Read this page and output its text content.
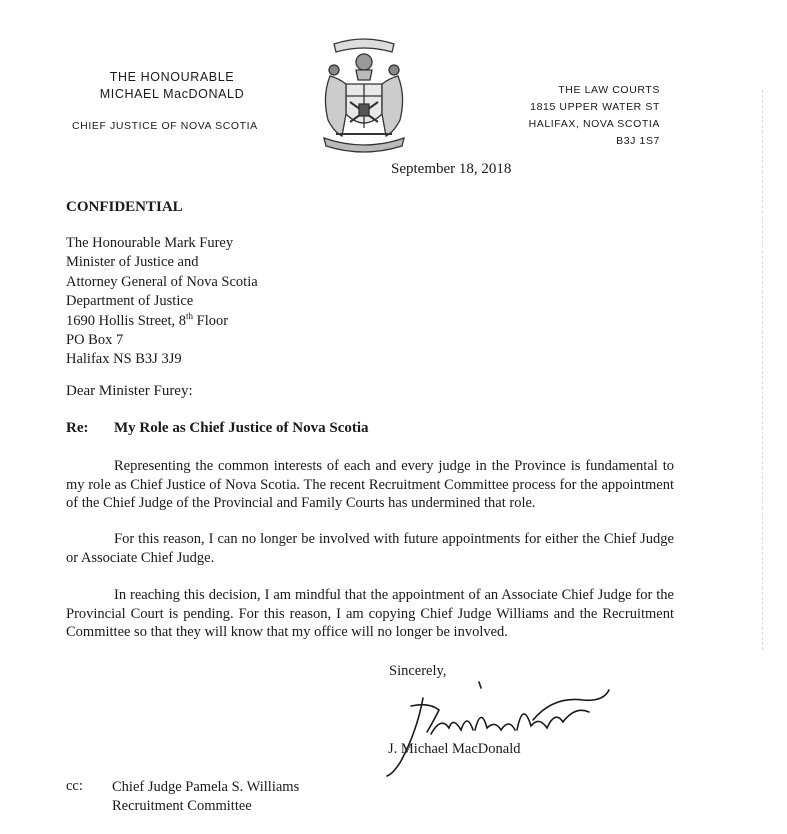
THE HONOURABLE
MICHAEL MacDONALD
CHIEF JUSTICE OF NOVA SCOTIA
THE LAW COURTS
1815 UPPER WATER ST
HALIFAX, NOVA SCOTIA
B3J 1S7
September 18, 2018
CONFIDENTIAL
The Honourable Mark Furey
Minister of Justice and
Attorney General of Nova Scotia
Department of Justice
1690 Hollis Street, 8th Floor
PO Box 7
Halifax NS B3J 3J9
Dear Minister Furey:
Re: My Role as Chief Justice of Nova Scotia

Representing the common interests of each and every judge in the Province is fundamental to my role as Chief Justice of Nova Scotia. The recent Recruitment Committee process for the appointment of the Chief Judge of the Provincial and Family Courts has undermined that role.

For this reason, I can no longer be involved with future appointments for either the Chief Judge or Associate Chief Judge.

In reaching this decision, I am mindful that the appointment of an Associate Chief Judge for the Provincial Court is pending. For this reason, I am copying Chief Judge Williams and the Recruitment Committee so that they will know that my office will no longer be involved.

Sincerely,
J. Michael MacDonald
cc: Chief Judge Pamela S. Williams
Recruitment Committee
